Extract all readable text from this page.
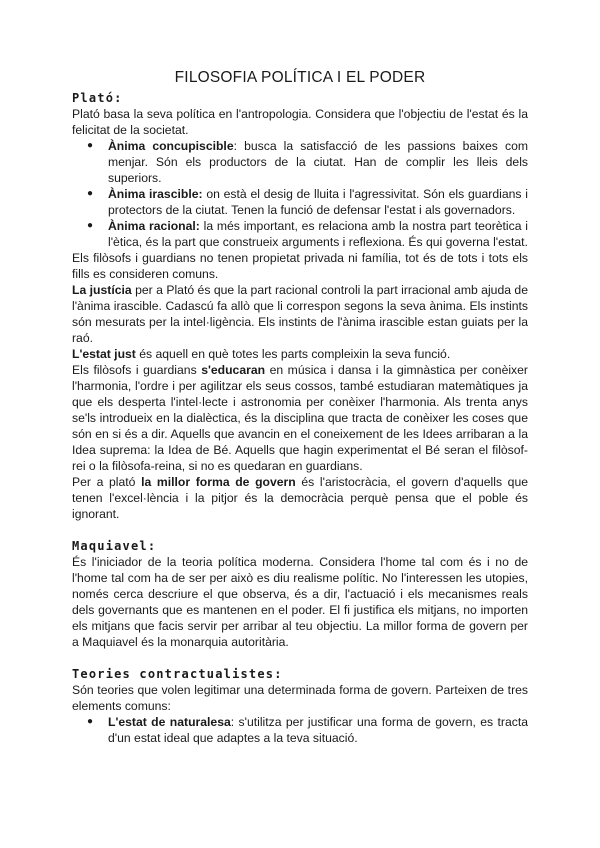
FILOSOFIA POLÍTICA I EL PODER
Plató:

Plató basa la seva política en l'antropologia. Considera que l'objectiu de l'estat és la felicitat de la societat.

● Ànima concupiscible: busca la satisfacció de les passions baixes com menjar. Són els productors de la ciutat. Han de complir les lleis dels superiors.
● Ànima irascible: on està el desig de lluita i l'agressivitat. Són els guardians i protectors de la ciutat. Tenen la funció de defensar l'estat i als governadors.
● Ànima racional: la més important, es relaciona amb la nostra part teorètica i l'ètica, és la part que construeix arguments i reflexiona. És qui governa l'estat.

Els filòsofs i guardians no tenen propietat privada ni família, tot és de tots i tots els fills es consideren comuns.

La justícia per a Plató és que la part racional controli la part irracional amb ajuda de l'ànima irascible. Cadascú fa allò que li correspon segons la seva ànima. Els instints són mesurats per la intel·ligència. Els instints de l'ànima irascible estan guiats per la raó.

L'estat just és aquell en què totes les parts compleixin la seva funció.

Els filòsofs i guardians s'educaran en música i dansa i la gimnàstica per conèixer l'harmonia, l'ordre i per agilitzar els seus cossos, també estudiaran matemàtiques ja que els desperta l'intel·lecte i astronomia per conèixer l'harmonia. Als trenta anys se'ls introdueix en la dialèctica, és la disciplina que tracta de conèixer les coses que són en si és a dir. Aquells que avancin en el coneixement de les Idees arribaran a la Idea suprema: la Idea de Bé. Aquells que hagin experimentat el Bé seran el filòsof-rei o la filòsofa-reina, si no es quedaran en guardians.

Per a plató la millor forma de govern és l'aristocràcia, el govern d'aquells que tenen l'excel·lència i la pitjor és la democràcia perquè pensa que el poble és ignorant.

Maquiavel:

És l'iniciador de la teoria política moderna. Considera l'home tal com és i no de l'home tal com ha de ser per això es diu realisme polític. No l'interessen les utopies, només cerca descriure el que observa, és a dir, l'actuació i els mecanismes reals dels governants que es mantenen en el poder. El fi justifica els mitjans, no importen els mitjans que facis servir per arribar al teu objectiu. La millor forma de govern per a Maquiavel és la monarquia autoritària.

Teories contractualistes:

Són teories que volen legitimar una determinada forma de govern. Parteixen de tres elements comuns:

● L'estat de naturalesa: s'utilitza per justificar una forma de govern, es tracta d'un estat ideal que adaptes a la teva situació.
